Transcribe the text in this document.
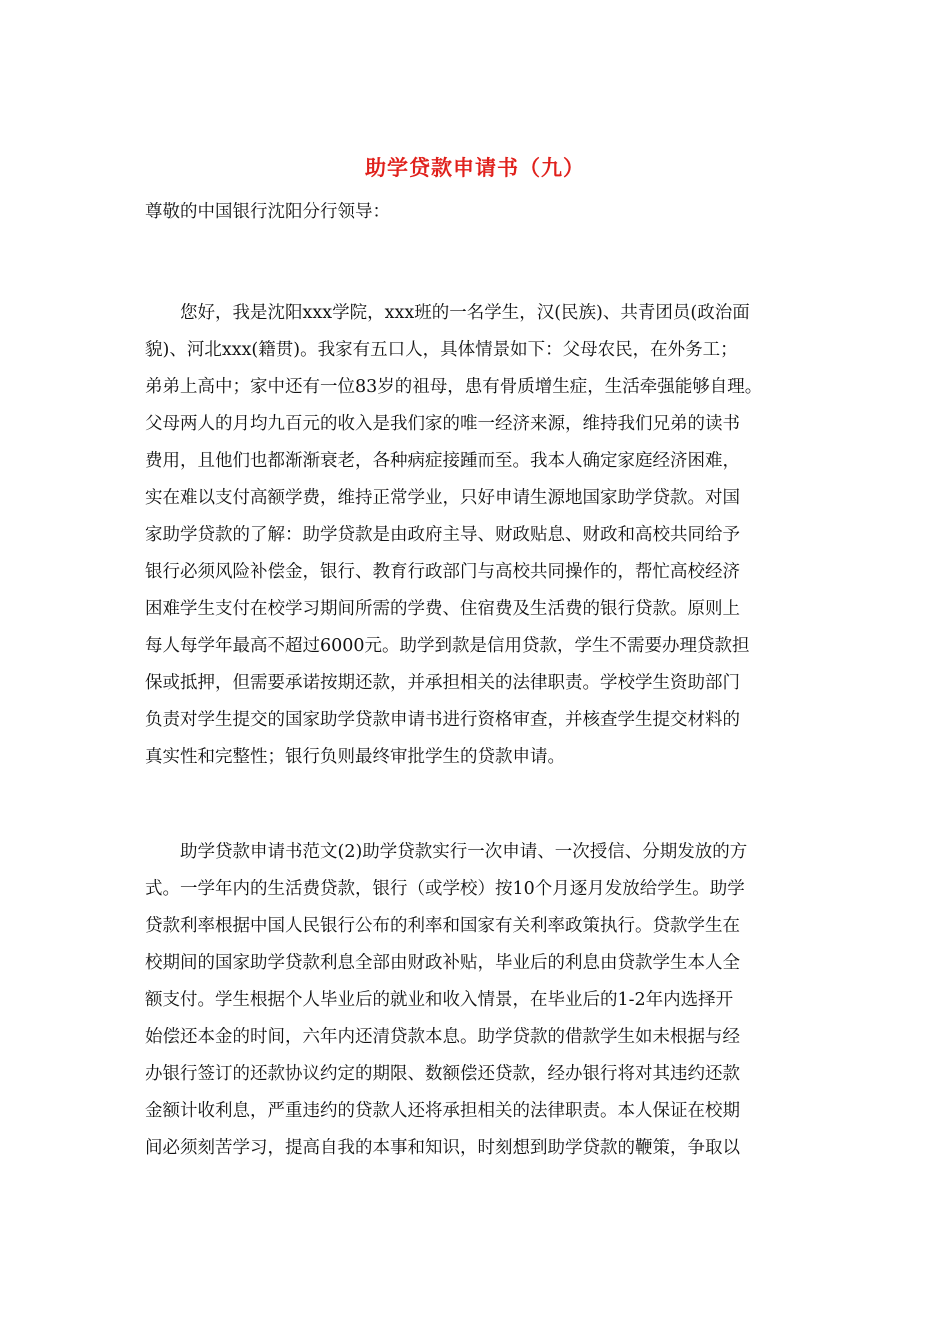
助学贷款申请书（九）
尊敬的中国银行沈阳分行领导：
　　您好，我是沈阳xxx学院，xxx班的一名学生，汉(民族)、共青团员(政治面
貌)、河北xxx(籍贯)。我家有五口人，具体情景如下：父母农民，在外务工；
弟弟上高中；家中还有一位83岁的祖母，患有骨质增生症，生活牵强能够自理。
父母两人的月均九百元的收入是我们家的唯一经济来源，维持我们兄弟的读书
费用，且他们也都渐渐衰老，各种病症接踵而至。我本人确定家庭经济困难，
实在难以支付高额学费，维持正常学业，只好申请生源地国家助学贷款。对国
家助学贷款的了解：助学贷款是由政府主导、财政贴息、财政和高校共同给予
银行必须风险补偿金，银行、教育行政部门与高校共同操作的，帮忙高校经济
困难学生支付在校学习期间所需的学费、住宿费及生活费的银行贷款。原则上
每人每学年最高不超过6000元。助学到款是信用贷款，学生不需要办理贷款担
保或抵押，但需要承诺按期还款，并承担相关的法律职责。学校学生资助部门
负责对学生提交的国家助学贷款申请书进行资格审查，并核查学生提交材料的
真实性和完整性；银行负则最终审批学生的贷款申请。
　　助学贷款申请书范文(2)助学贷款实行一次申请、一次授信、分期发放的方
式。一学年内的生活费贷款，银行（或学校）按10个月逐月发放给学生。助学
贷款利率根据中国人民银行公布的利率和国家有关利率政策执行。贷款学生在
校期间的国家助学贷款利息全部由财政补贴，毕业后的利息由贷款学生本人全
额支付。学生根据个人毕业后的就业和收入情景，在毕业后的1-2年内选择开
始偿还本金的时间，六年内还清贷款本息。助学贷款的借款学生如未根据与经
办银行签订的还款协议约定的期限、数额偿还贷款，经办银行将对其违约还款
金额计收利息，严重违约的贷款人还将承担相关的法律职责。本人保证在校期
间必须刻苦学习，提高自我的本事和知识，时刻想到助学贷款的鞭策，争取以
